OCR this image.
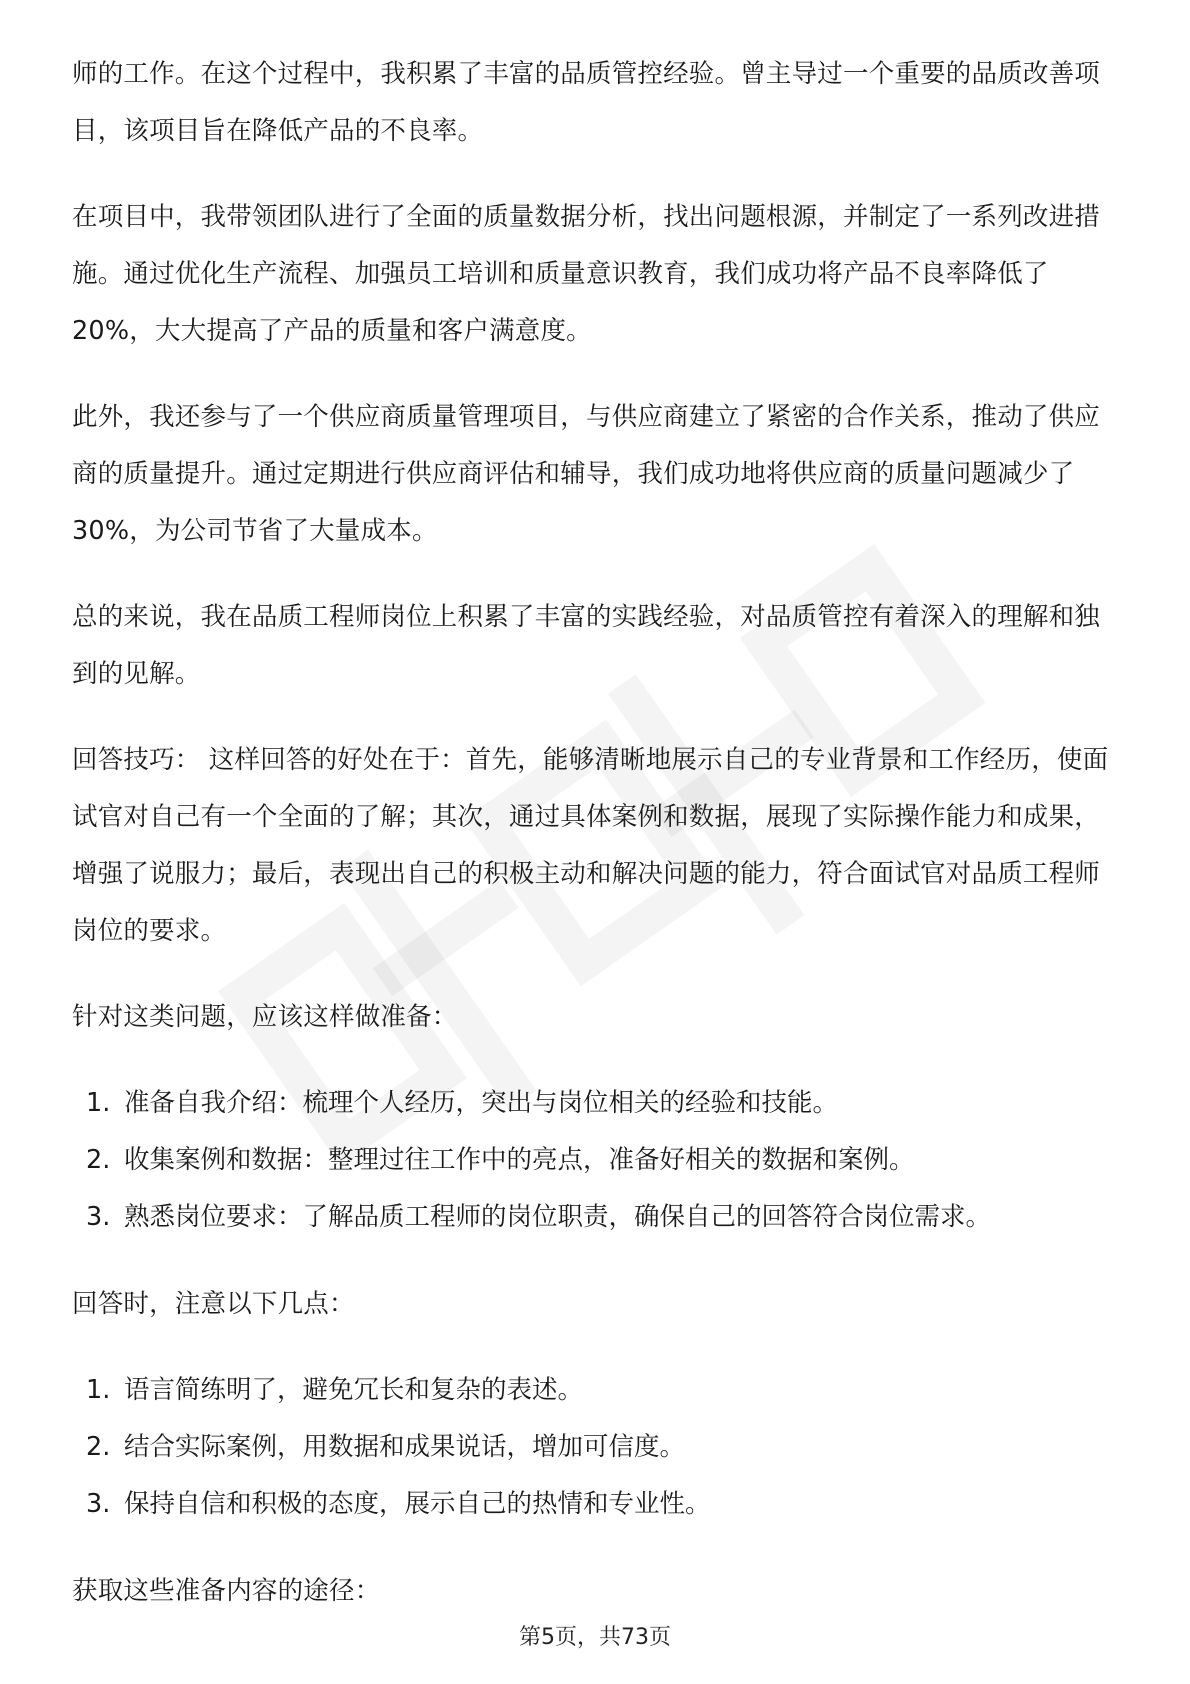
师的工作。在这个过程中，我积累了丰富的品质管控经验。曾主导过一个重要的品质改善项目，该项目旨在降低产品的不良率。

在项目中，我带领团队进行了全面的质量数据分析，找出问题根源，并制定了一系列改进措施。通过优化生产流程、加强员工培训和质量意识教育，我们成功将产品不良率降低了20%，大大提高了产品的质量和客户满意度。

此外，我还参与了一个供应商质量管理项目，与供应商建立了紧密的合作关系，推动了供应商的质量提升。通过定期进行供应商评估和辅导，我们成功地将供应商的质量问题减少了30%，为公司节省了大量成本。

总的来说，我在品质工程师岗位上积累了丰富的实践经验，对品质管控有着深入的理解和独到的见解。

回答技巧： 这样回答的好处在于：首先，能够清晰地展示自己的专业背景和工作经历，使面试官对自己有一个全面的了解；其次，通过具体案例和数据，展现了实际操作能力和成果，增强了说服力；最后，表现出自己的积极主动和解决问题的能力，符合面试官对品质工程师岗位的要求。

针对这类问题，应该这样做准备：

1. 准备自我介绍：梳理个人经历，突出与岗位相关的经验和技能。
2. 收集案例和数据：整理过往工作中的亮点，准备好相关的数据和案例。
3. 熟悉岗位要求：了解品质工程师的岗位职责，确保自己的回答符合岗位需求。

回答时，注意以下几点：

1. 语言简练明了，避免冗长和复杂的表述。
2. 结合实际案例，用数据和成果说话，增加可信度。
3. 保持自信和积极的态度，展示自己的热情和专业性。

获取这些准备内容的途径：

第5页，共73页
